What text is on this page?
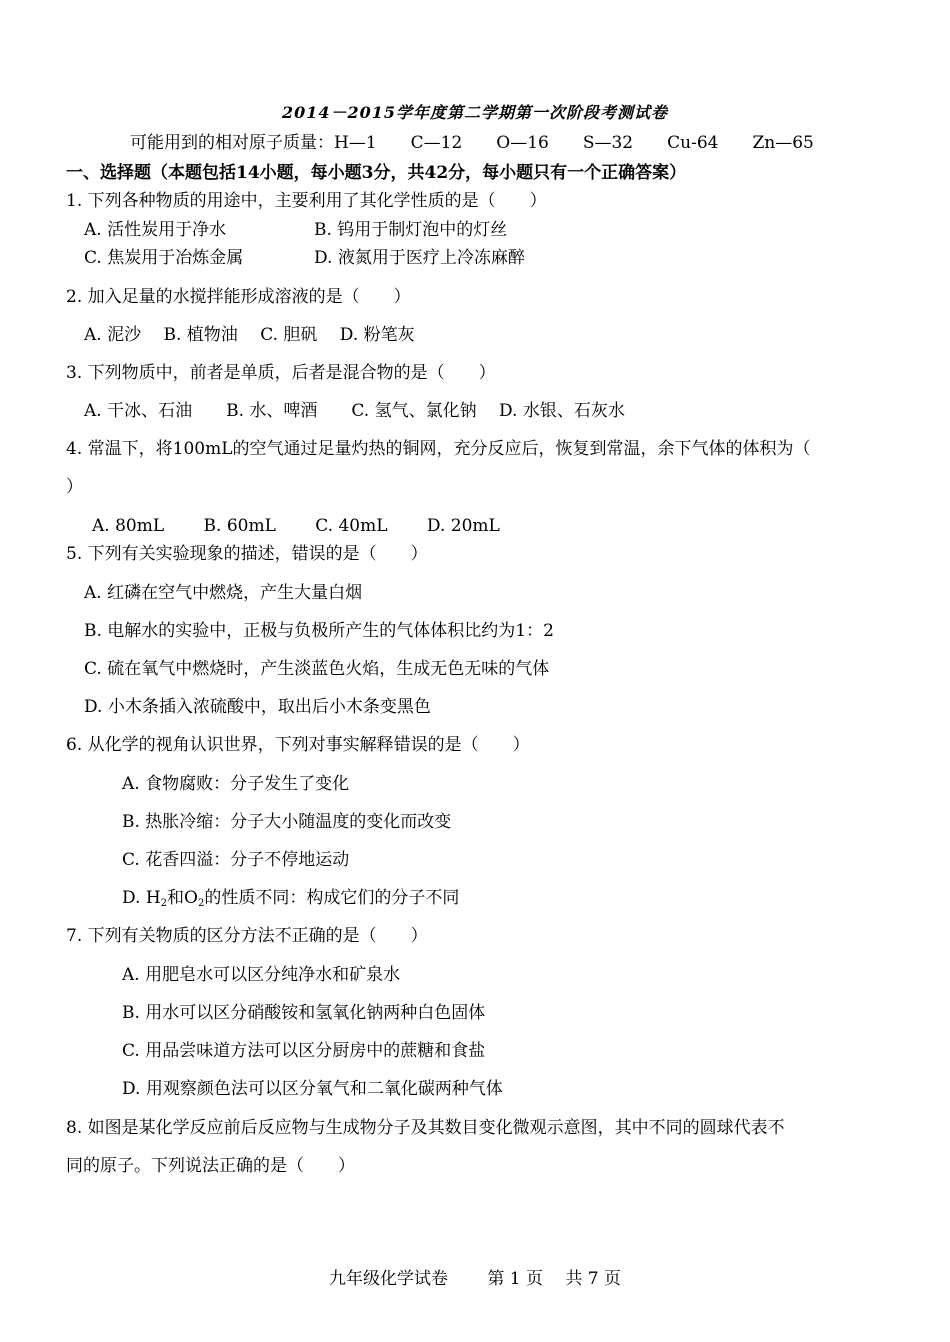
2014－2015学年度第二学期第一次阶段考测试卷
可能用到的相对原子质量：H—1　　C—12　　O—16　　S—32　　Cu-64　　Zn—65
一、选择题（本题包括14小题，每小题3分，共42分，每小题只有一个正确答案）
1. 下列各种物质的用途中，主要利用了其化学性质的是（　　）
A. 活性炭用于净水	B. 钨用于制灯泡中的灯丝
C. 焦炭用于冶炼金属	D. 液氮用于医疗上冷冻麻醉
2. 加入足量的水搅拌能形成溶液的是（　　）
A. 泥沙　 B. 植物油　 C. 胆矾　 D. 粉笔灰
3. 下列物质中，前者是单质，后者是混合物的是（　　）
A. 干冰、石油　　B. 水、啤酒　　C. 氢气、氯化钠　 D. 水银、石灰水
4. 常温下，将100mL的空气通过足量灼热的铜网，充分反应后，恢复到常温，余下气体的体积为（
）
A. 80mL　　 B. 60mL　　 C. 40mL　　 D. 20mL
5. 下列有关实验现象的描述，错误的是（　　）
A. 红磷在空气中燃烧，产生大量白烟
B. 电解水的实验中，正极与负极所产生的气体体积比约为1：2
C. 硫在氧气中燃烧时，产生淡蓝色火焰，生成无色无味的气体
D. 小木条插入浓硫酸中，取出后小木条变黑色
6. 从化学的视角认识世界，下列对事实解释错误的是（　　）
A. 食物腐败：分子发生了变化
B. 热胀冷缩：分子大小随温度的变化而改变
C. 花香四溢：分子不停地运动
D. $H_2$和$O_2$的性质不同：构成它们的分子不同
7. 下列有关物质的区分方法不正确的是（　　）
A. 用肥皂水可以区分纯净水和矿泉水
B. 用水可以区分硝酸铵和氢氧化钠两种白色固体
C. 用品尝味道方法可以区分厨房中的蔗糖和食盐
D. 用观察颜色法可以区分氧气和二氧化碳两种气体
8. 如图是某化学反应前后反应物与生成物分子及其数目变化微观示意图，其中不同的圆球代表不
同的原子。下列说法正确的是（　　）
九年级化学试卷　　 第 1 页　 共 7 页
